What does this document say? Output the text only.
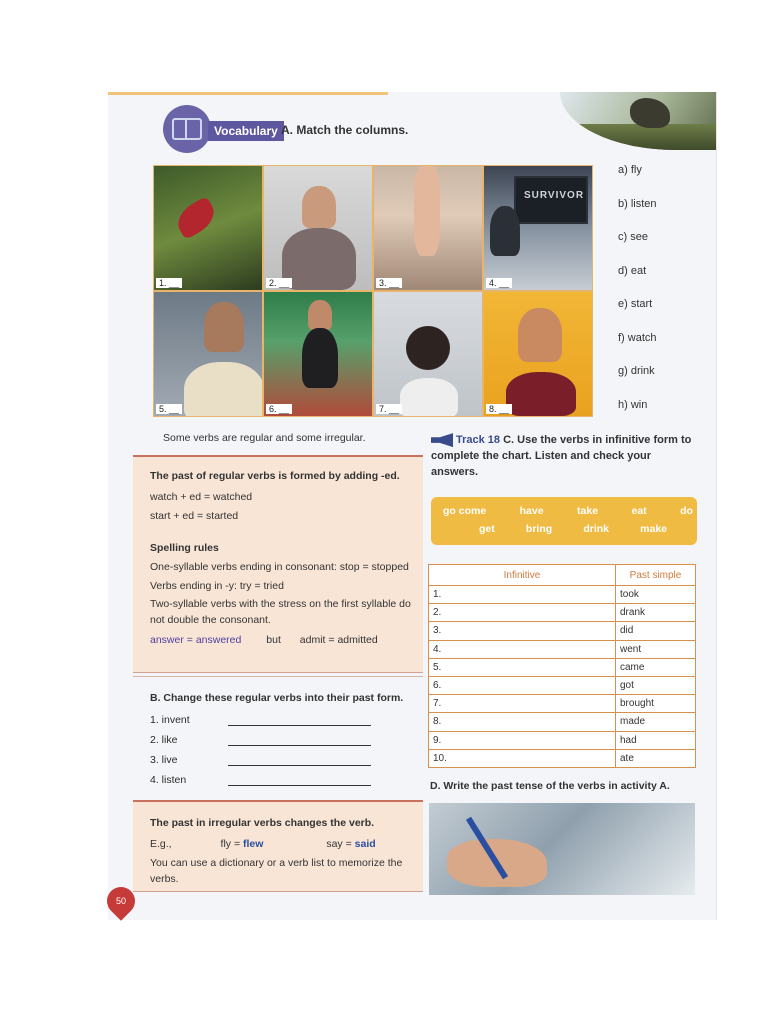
Vocabulary A. Match the columns.
1. __	2. __	3. __
SURVIVOR
4. __
5. __	6. __	7. __	8. __
a) fly
b) listen
c) see
d) eat
e) start
f) watch
g) drink
h) win
Some verbs are regular and some irregular.

The past of regular verbs is formed by adding -ed.

watch + ed = watched

start + ed = started

Spelling rules

One-syllable verbs ending in consonant: stop = stopped

Verbs ending in -y: try = tried

Two-syllable verbs with the stress on the first syllable do not double the consonant.

answer = answered but admit = admitted

B. Change these regular verbs into their past form.
1. invent
2. like
3. live
4. listen

The past in irregular verbs changes the verb.

E.g.,	fly = flew	say = said

You can use a dictionary or a verb list to memorize the verbs.

Track 18 C. Use the verbs in infinitive form to complete the chart. Listen and check your answers.
go come	have	take	eat	do
get	bring	drink	make
Infinitive	Past simple
1.	took
2.	drank
3.	did
4.	went
5.	came
6.	got
7.	brought
8.	made
9.	had
10.	ate
D. Write the past tense of the verbs in activity A.
50
